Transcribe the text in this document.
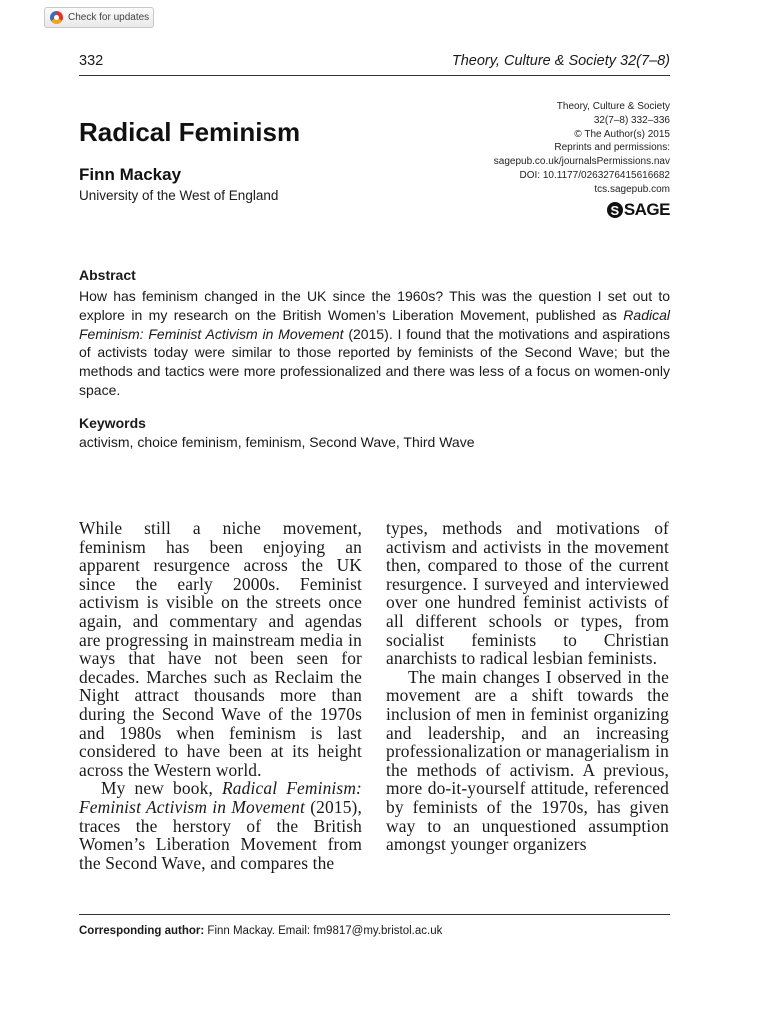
Check for updates
332	Theory, Culture & Society 32(7–8)
Theory, Culture & Society
32(7–8) 332–336
© The Author(s) 2015
Reprints and permissions:
sagepub.co.uk/journalsPermissions.nav
DOI: 10.1177/0263276415616682
tcs.sagepub.com
S SAGE
Radical Feminism
Finn Mackay
University of the West of England
Abstract

How has feminism changed in the UK since the 1960s? This was the question I set out to explore in my research on the British Women’s Liberation Movement, published as Radical Feminism: Feminist Activism in Movement (2015). I found that the motivations and aspirations of activists today were similar to those reported by feminists of the Second Wave; but the methods and tactics were more professionalized and there was less of a focus on women-only space.

Keywords
activism, choice feminism, feminism, Second Wave, Third Wave

While still a niche movement, feminism has been enjoying an apparent resurgence across the UK since the early 2000s. Feminist activism is visible on the streets once again, and commentary and agendas are progressing in mainstream media in ways that have not been seen for decades. Marches such as Reclaim the Night attract thousands more than during the Second Wave of the 1970s and 1980s when feminism is last considered to have been at its height across the Western world.

My new book, Radical Feminism: Feminist Activism in Movement (2015), traces the herstory of the British Women’s Liberation Movement from the Second Wave, and compares the

types, methods and motivations of activism and activists in the movement then, compared to those of the current resurgence. I surveyed and interviewed over one hundred feminist activists of all different schools or types, from socialist feminists to Christian anarchists to radical lesbian feminists.

The main changes I observed in the movement are a shift towards the inclusion of men in feminist organizing and leadership, and an increasing professionalization or managerialism in the methods of activism. A previous, more do-it-yourself attitude, referenced by feminists of the 1970s, has given way to an unquestioned assumption amongst younger organizers

Corresponding author: Finn Mackay. Email: fm9817@my.bristol.ac.uk
